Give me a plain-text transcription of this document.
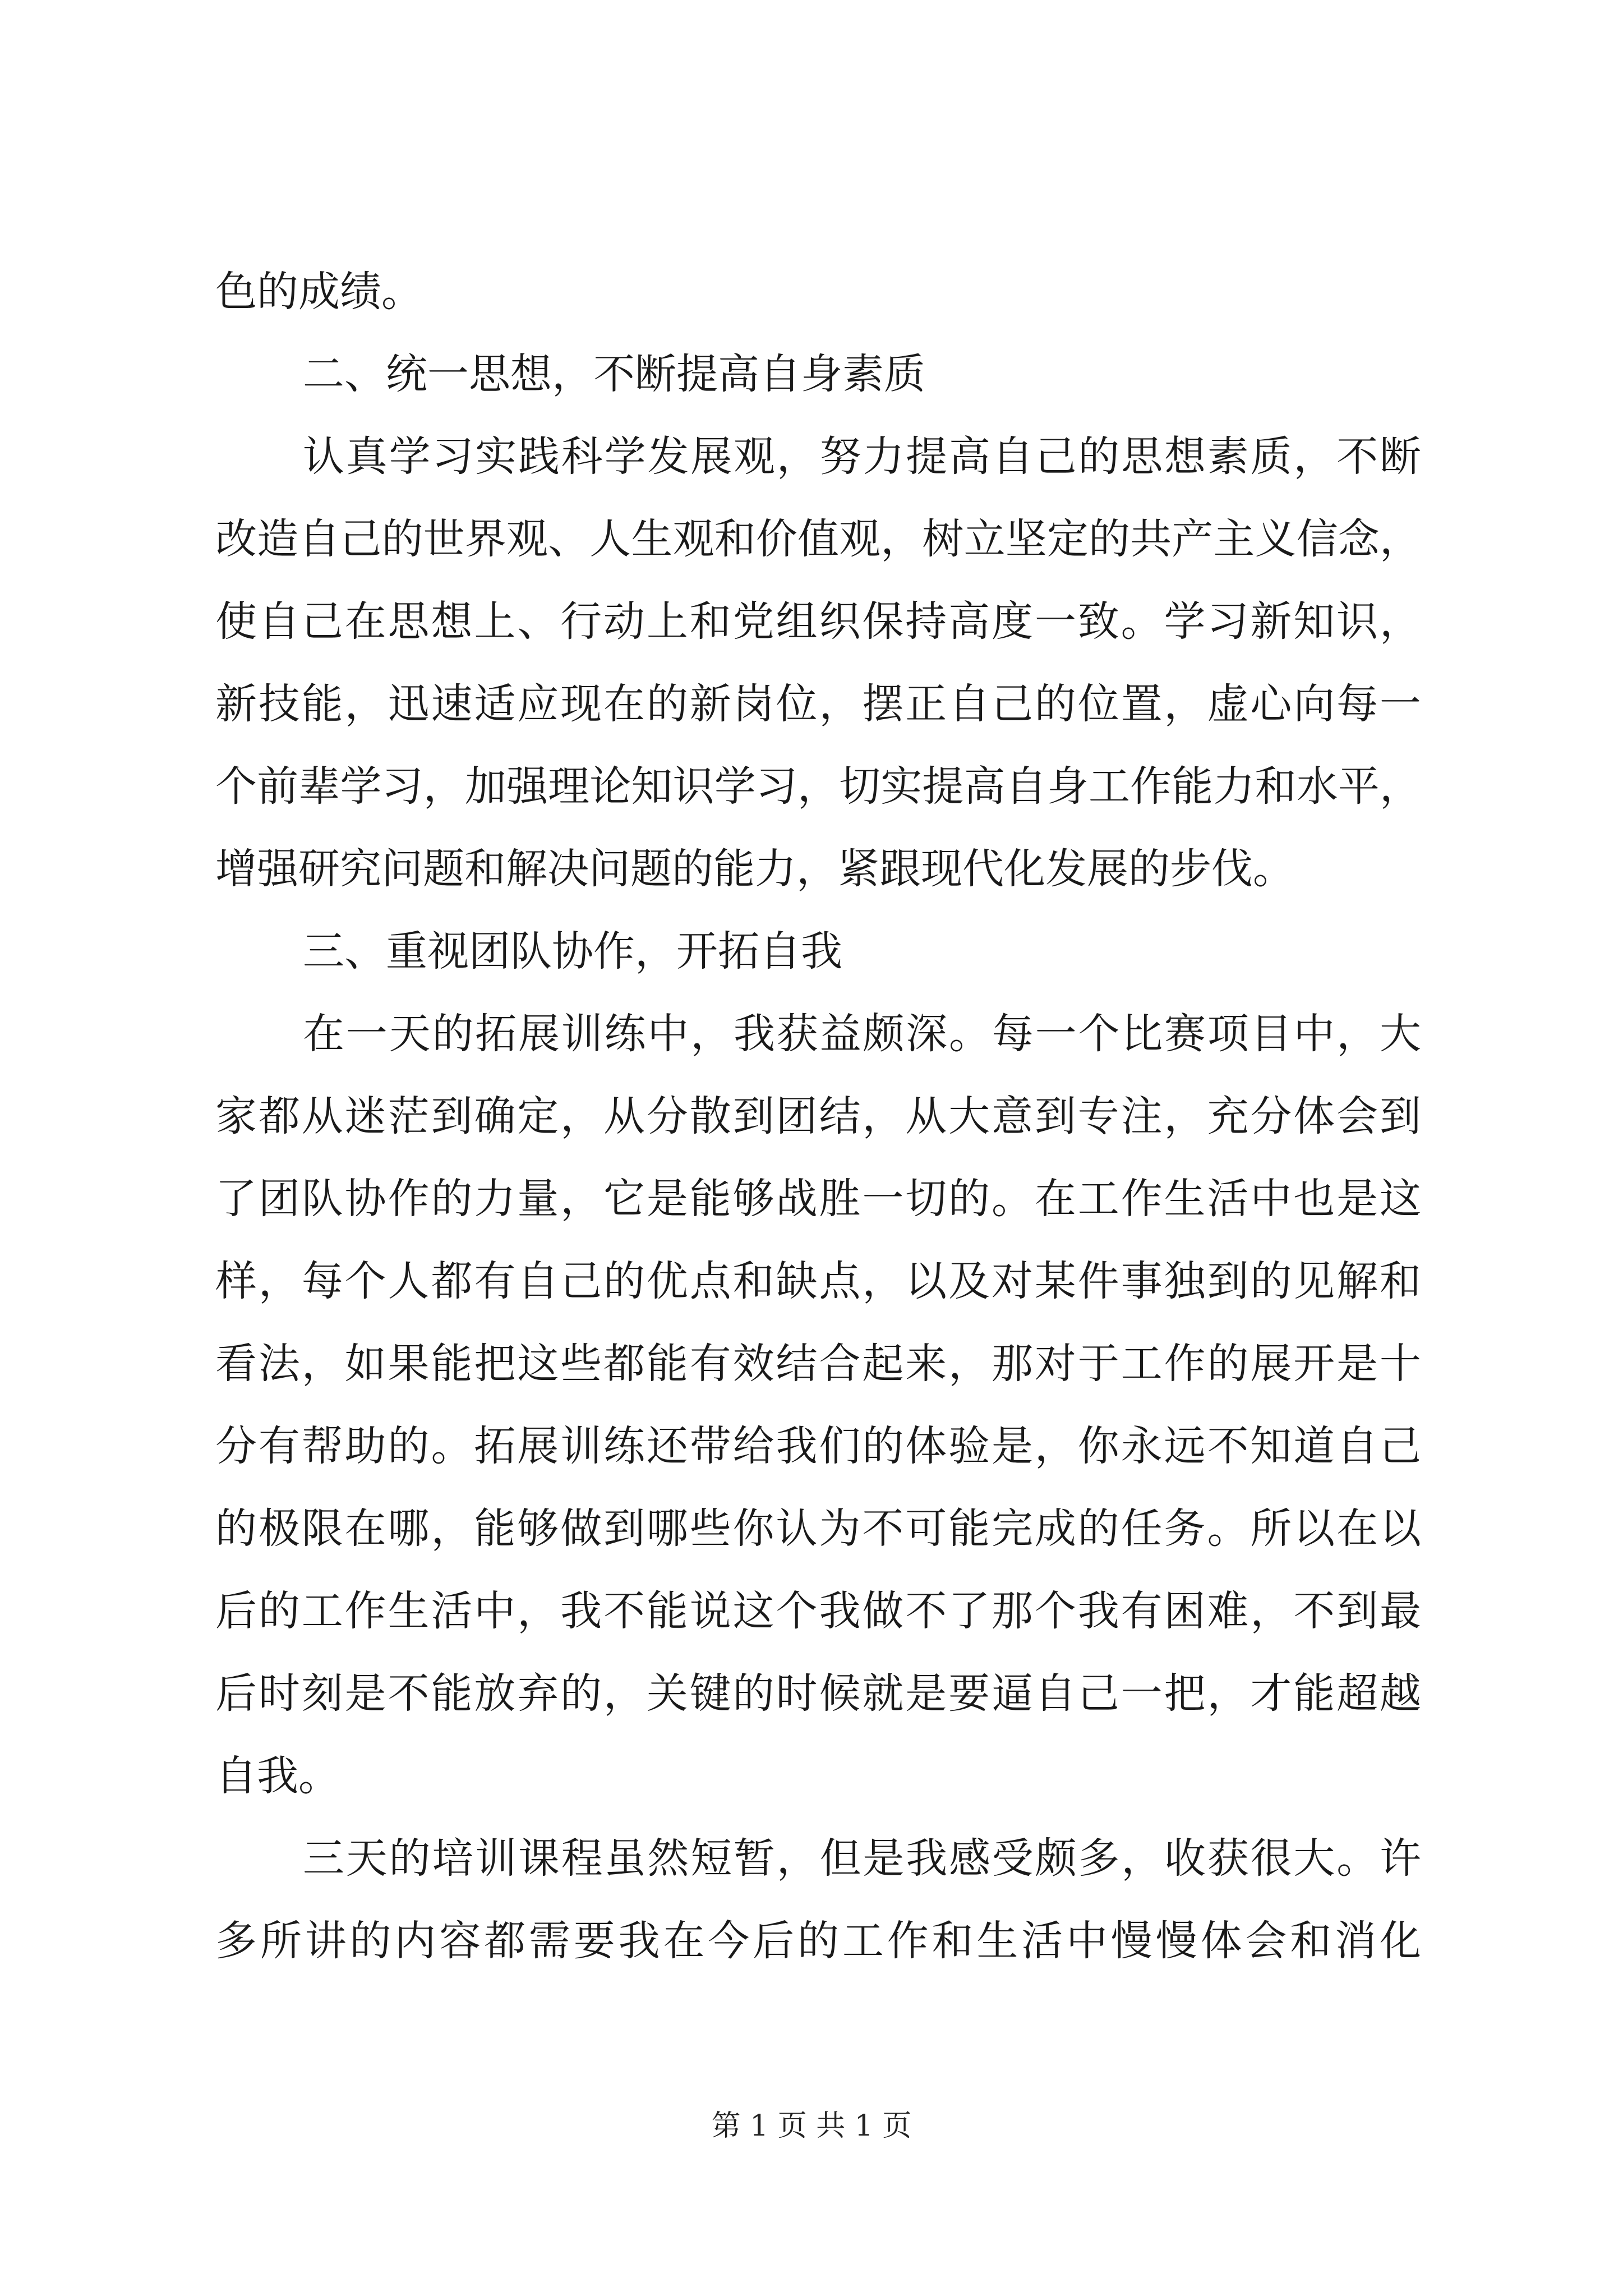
色的成绩。
二、统一思想，不断提高自身素质
认真学习实践科学发展观，努力提高自己的思想素质，不断
改造自己的世界观、人生观和价值观，树立坚定的共产主义信念，
使自己在思想上、行动上和党组织保持高度一致。学习新知识，
新技能，迅速适应现在的新岗位，摆正自己的位置，虚心向每一
个前辈学习，加强理论知识学习，切实提高自身工作能力和水平，
增强研究问题和解决问题的能力，紧跟现代化发展的步伐。
三、重视团队协作，开拓自我
在一天的拓展训练中，我获益颇深。每一个比赛项目中，大
家都从迷茫到确定，从分散到团结，从大意到专注，充分体会到
了团队协作的力量，它是能够战胜一切的。在工作生活中也是这
样，每个人都有自己的优点和缺点，以及对某件事独到的见解和
看法，如果能把这些都能有效结合起来，那对于工作的展开是十
分有帮助的。拓展训练还带给我们的体验是，你永远不知道自己
的极限在哪，能够做到哪些你认为不可能完成的任务。所以在以
后的工作生活中，我不能说这个我做不了那个我有困难，不到最
后时刻是不能放弃的，关键的时候就是要逼自己一把，才能超越
自我。
三天的培训课程虽然短暂，但是我感受颇多，收获很大。许
多所讲的内容都需要我在今后的工作和生活中慢慢体会和消化
第 1 页 共 1 页
